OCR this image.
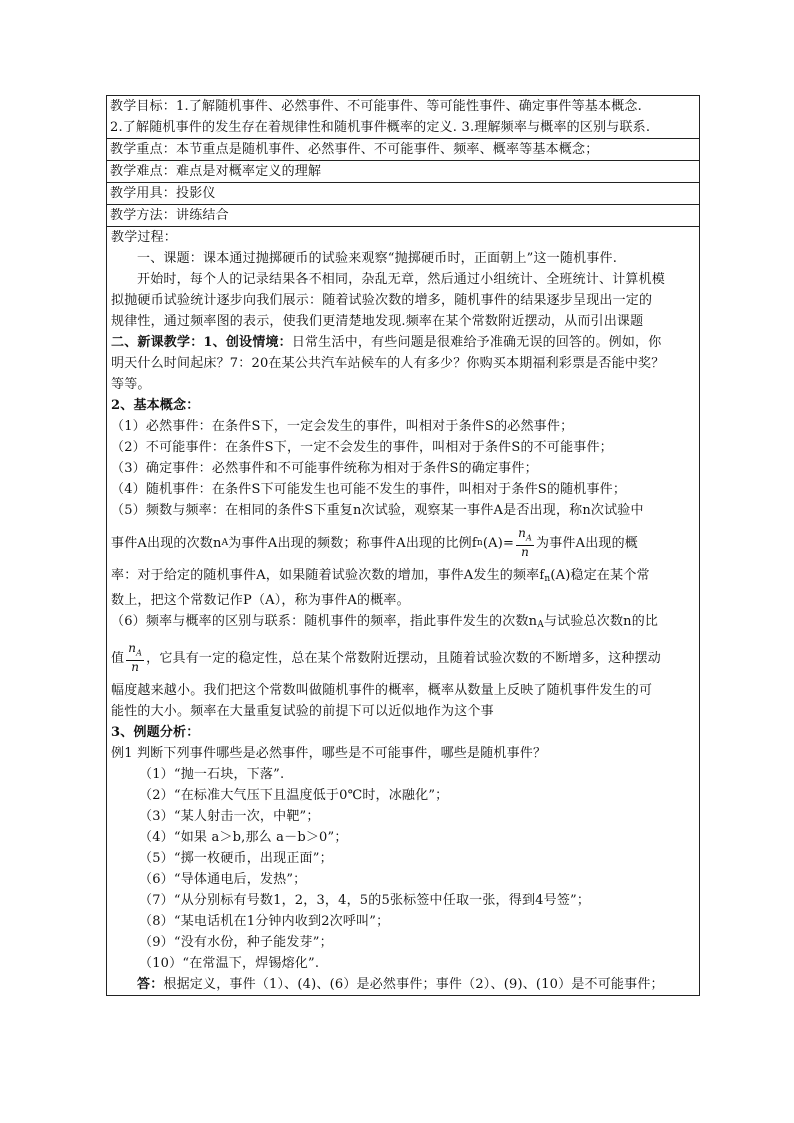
教学目标：1.了解随机事件、必然事件、不可能事件、等可能性事件、确定事件等基本概念.
2.了解随机事件的发生存在着规律性和随机事件概率的定义. 3.理解频率与概率的区别与联系.

教学重点：本节重点是随机事件、必然事件、不可能事件、频率、概率等基本概念；
教学难点：难点是对概率定义的理解
教学用具：投影仪
教学方法：讲练结合

教学过程：
一、课题：课本通过抛掷硬币的试验来观察“抛掷硬币时，正面朝上”这一随机事件.
开始时，每个人的记录结果各不相同，杂乱无章，然后通过小组统计、全班统计、计算机模
拟抛硬币试验统计逐步向我们展示：随着试验次数的增多，随机事件的结果逐步呈现出一定的
规律性，通过频率图的表示，使我们更清楚地发现.频率在某个常数附近摆动，从而引出课题
二、新课教学：1、创设情境：日常生活中，有些问题是很难给予准确无误的回答的。例如，你
明天什么时间起床？7：20在某公共汽车站候车的人有多少？你购买本期福利彩票是否能中奖？
等等。
2、基本概念：
（1）必然事件：在条件S下，一定会发生的事件，叫相对于条件S的必然事件；
（2）不可能事件：在条件S下，一定不会发生的事件，叫相对于条件S的不可能事件；
（3）确定事件：必然事件和不可能事件统称为相对于条件S的确定事件；
（4）随机事件：在条件S下可能发生也可能不发生的事件，叫相对于条件S的随机事件；
（5）频数与频率：在相同的条件S下重复n次试验，观察某一事件A是否出现，称n次试验中
事件A出现的次数n A 为事件A出现的频数；称事件A出现的比例f n $(A)= \frac{n_A}{n}$ 为事件A出现的概
率：对于给定的随机事件A，如果随着试验次数的增加，事件A发生的频率$f_n(A)$稳定在某个常
数上，把这个常数记作P（A），称为事件A的概率。
（6）频率与概率的区别与联系：随机事件的频率，指此事件发生的次数$n_A$与试验总次数n的比
值 $\frac{n_A}{n}$ ，它具有一定的稳定性，总在某个常数附近摆动，且随着试验次数的不断增多，这种摆动
幅度越来越小。我们把这个常数叫做随机事件的概率，概率从数量上反映了随机事件发生的可
能性的大小。频率在大量重复试验的前提下可以近似地作为这个事
3、例题分析：
例1 判断下列事件哪些是必然事件，哪些是不可能事件，哪些是随机事件？
（1）“抛一石块，下落”.
（2）“在标准大气压下且温度低于0℃时，冰融化”；
（3）“某人射击一次，中靶”；
（4）“如果 a＞b,那么 a－b＞0”；
（5）“掷一枚硬币，出现正面”；
（6）“导体通电后，发热”；
（7）“从分别标有号数1，2，3，4，5的5张标签中任取一张，得到4号签”；
（8）“某电话机在1分钟内收到2次呼叫”；
（9）“没有水份，种子能发芽”；
（10）“在常温下，焊锡熔化”.
答：根据定义，事件（1）、(4)、(6）是必然事件；事件（2）、(9)、(10）是不可能事件；
